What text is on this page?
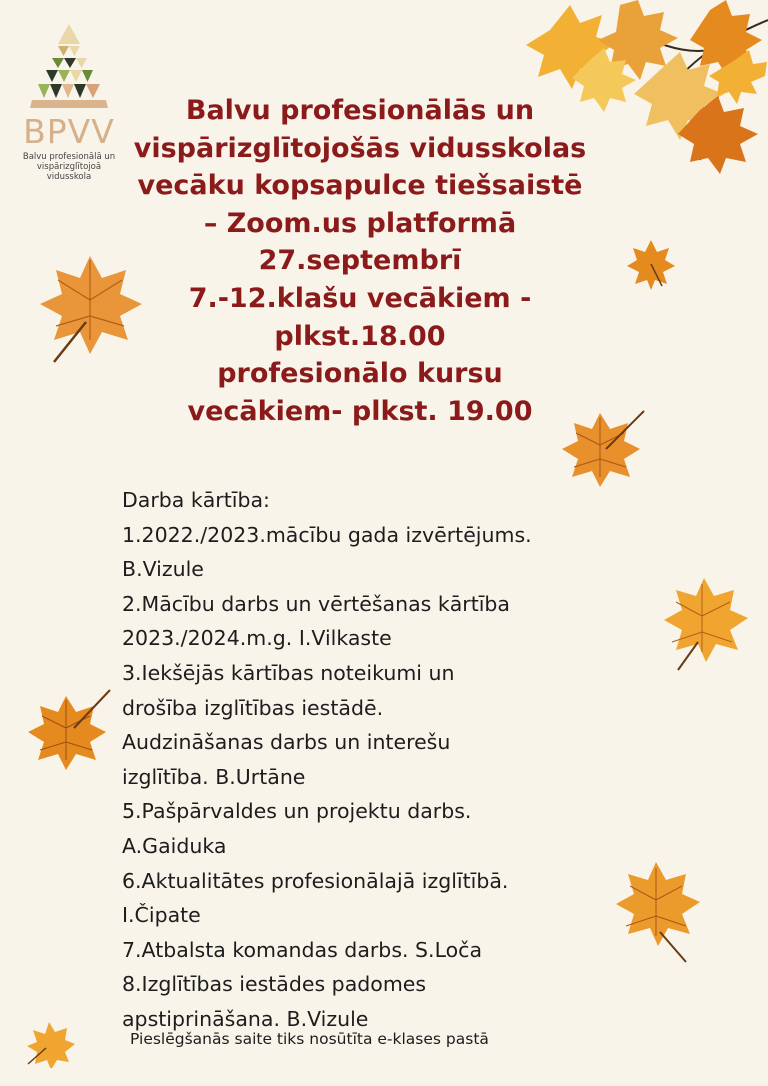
BPVV
Balvu profesionālā un
vispārizglītojoā
vidusskola
Balvu profesionālās un
vispārizglītojošās vidusskolas
vecāku kopsapulce tiešsaistē
– Zoom.us platformā
27.septembrī
7.-12.klašu vecākiem -
plkst.18.00
profesionālo kursu
vecākiem- plkst. 19.00
Darba kārtība:
1.2022./2023.mācību gada izvērtējums.
B.Vizule
2.Mācību darbs un vērtēšanas kārtība
2023./2024.m.g. I.Vilkaste
3.Iekšējās kārtības noteikumi un
drošība izglītības iestādē.
Audzināšanas darbs un interešu
izglītība. B.Urtāne
5.Pašpārvaldes un projektu darbs.
A.Gaiduka
6.Aktualitātes profesionālajā izglītībā.
I.Čipate
7.Atbalsta komandas darbs. S.Loča
8.Izglītības iestādes padomes
apstiprināšana. B.Vizule
Pieslēgšanās saite tiks nosūtīta e-klases pastā
